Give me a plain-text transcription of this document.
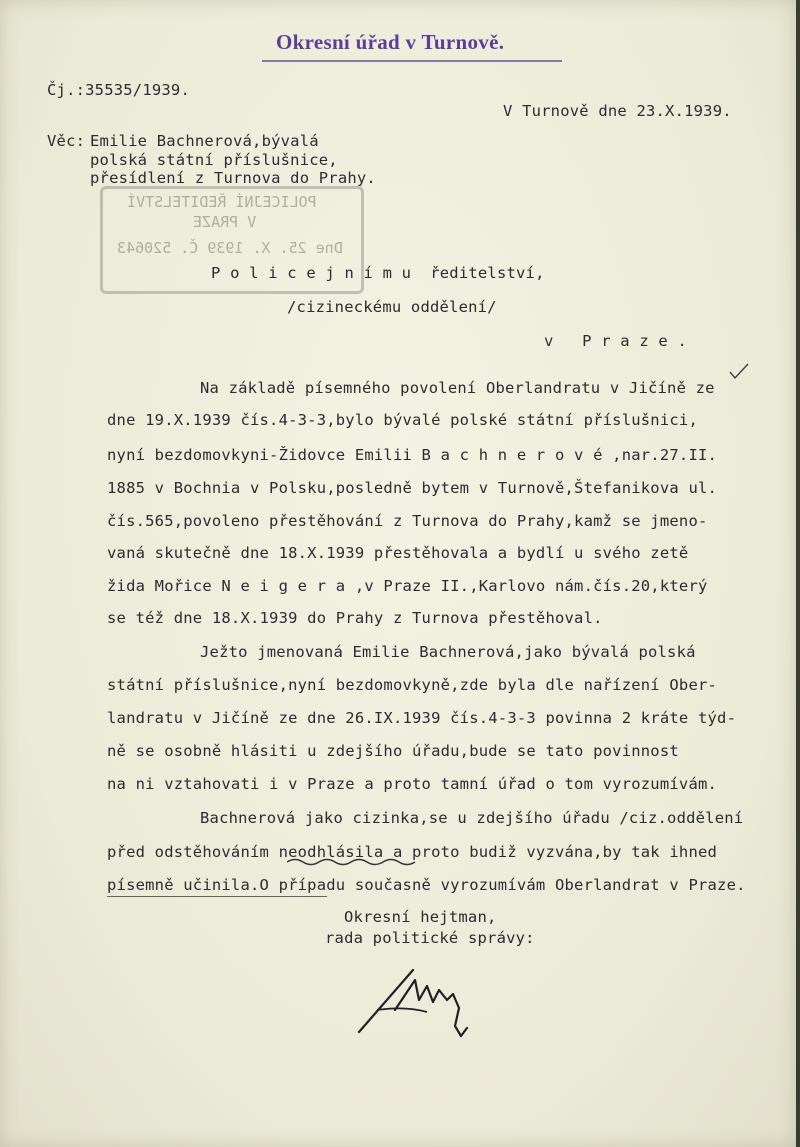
Okresní úřad v Turnově.
Čj.:35535/1939.
V Turnově dne 23.X.1939.
Věc: Emilie Bachnerová,bývalá
polská státní příslušnice,
přesídlení z Turnova do Prahy.
POLICEJNÍ ŘEDITELSTVÍ
V PRAZE
Dne 25. X. 1939 Č. 520643
P o l i c e j n í m u  ředitelství,
/cizineckému oddělení/
v   P r a z e .
Na základě písemného povolení Oberlandratu v Jičíně ze
dne 19.X.1939 čís.4-3-3,bylo bývalé polské státní příslušnici,
nyní bezdomovkyni-Židovce Emilii B a c h n e r o v é ,nar.27.II.
1885 v Bochnia v Polsku,posledně bytem v Turnově,Štefanikova ul.
čís.565,povoleno přestěhování z Turnova do Prahy,kamž se jmeno-
vaná skutečně dne 18.X.1939 přestěhovala a bydlí u svého zetě
žida Mořice N e i g e r a ,v Praze II.,Karlovo nám.čís.20,který
se též dne 18.X.1939 do Prahy z Turnova přestěhoval.
Ježto jmenovaná Emilie Bachnerová,jako bývalá polská
státní příslušnice,nyní bezdomovkyně,zde byla dle nařízení Ober-
landratu v Jičíně ze dne 26.IX.1939 čís.4-3-3 povinna 2 kráte týd-
ně se osobně hlásiti u zdejšího úřadu,bude se tato povinnost
na ni vztahovati i v Praze a proto tamní úřad o tom vyrozumívám.
Bachnerová jako cizinka,se u zdejšího úřadu /ciz.oddělení
před odstěhováním neodhlásila a proto budiž vyzvána,by tak ihned
písemně učinila.O případu současně vyrozumívám Oberlandrat v Praze.
Okresní hejtman,
rada politické správy:
